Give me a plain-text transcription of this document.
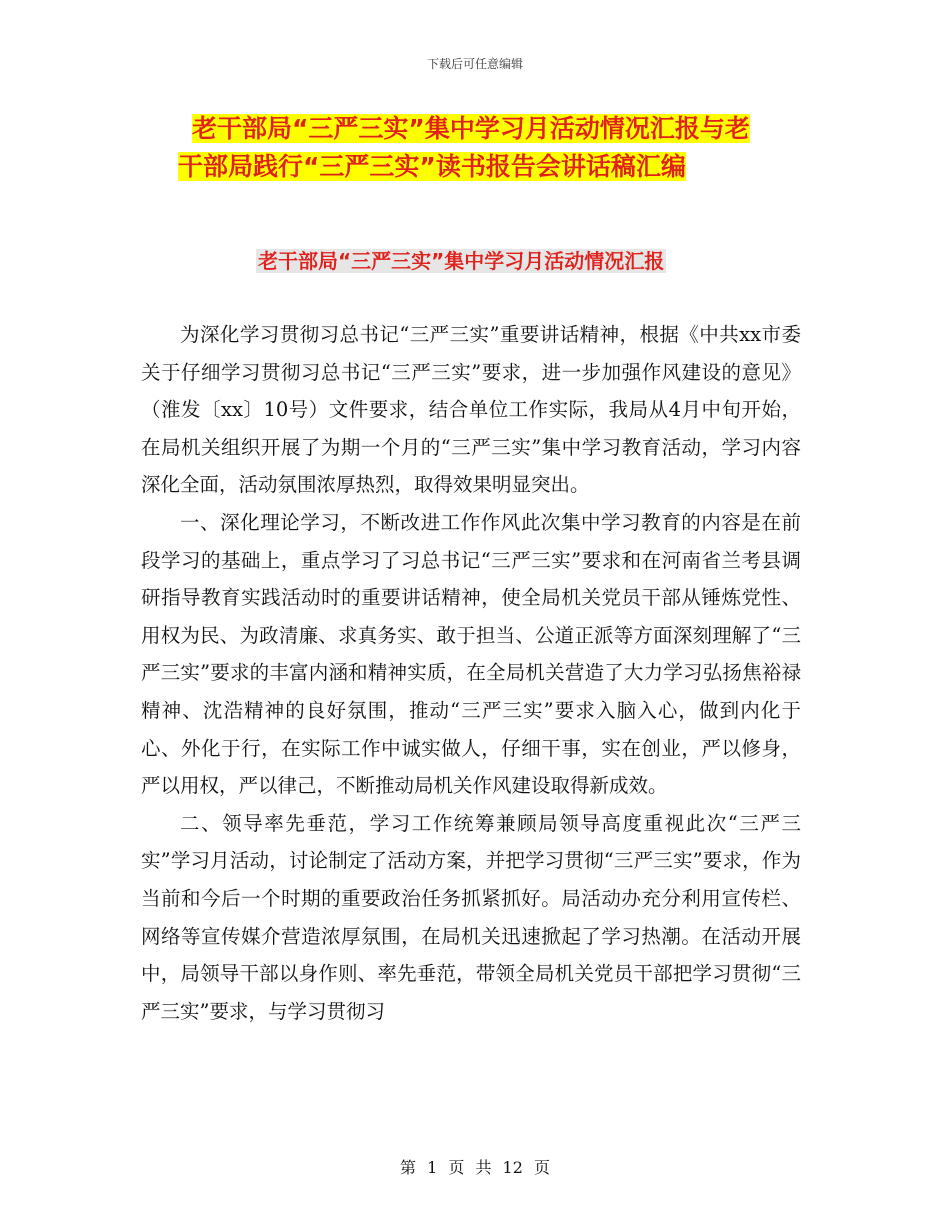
下载后可任意编辑
老干部局“三严三实”集中学习月活动情况汇报与老
干部局践行“三严三实”读书报告会讲话稿汇编
老干部局“三严三实”集中学习月活动情况汇报

为深化学习贯彻习总书记“三严三实”重要讲话精神，根据《中共xx市委关于仔细学习贯彻习总书记“三严三实”要求，进一步加强作风建设的意见》（淮发〔xx〕10号）文件要求，结合单位工作实际，我局从4月中旬开始，在局机关组织开展了为期一个月的“三严三实”集中学习教育活动，学习内容深化全面，活动氛围浓厚热烈，取得效果明显突出。

一、深化理论学习，不断改进工作作风此次集中学习教育的内容是在前段学习的基础上，重点学习了习总书记“三严三实”要求和在河南省兰考县调研指导教育实践活动时的重要讲话精神，使全局机关党员干部从锤炼党性、用权为民、为政清廉、求真务实、敢于担当、公道正派等方面深刻理解了“三严三实”要求的丰富内涵和精神实质，在全局机关营造了大力学习弘扬焦裕禄精神、沈浩精神的良好氛围，推动“三严三实”要求入脑入心，做到内化于心、外化于行，在实际工作中诚实做人，仔细干事，实在创业，严以修身，严以用权，严以律己，不断推动局机关作风建设取得新成效。

二、领导率先垂范，学习工作统筹兼顾局领导高度重视此次“三严三实”学习月活动，讨论制定了活动方案，并把学习贯彻“三严三实”要求，作为当前和今后一个时期的重要政治任务抓紧抓好。局活动办充分利用宣传栏、网络等宣传媒介营造浓厚氛围，在局机关迅速掀起了学习热潮。在活动开展中，局领导干部以身作则、率先垂范，带领全局机关党员干部把学习贯彻“三严三实”要求，与学习贯彻习

第 1 页 共 12 页
